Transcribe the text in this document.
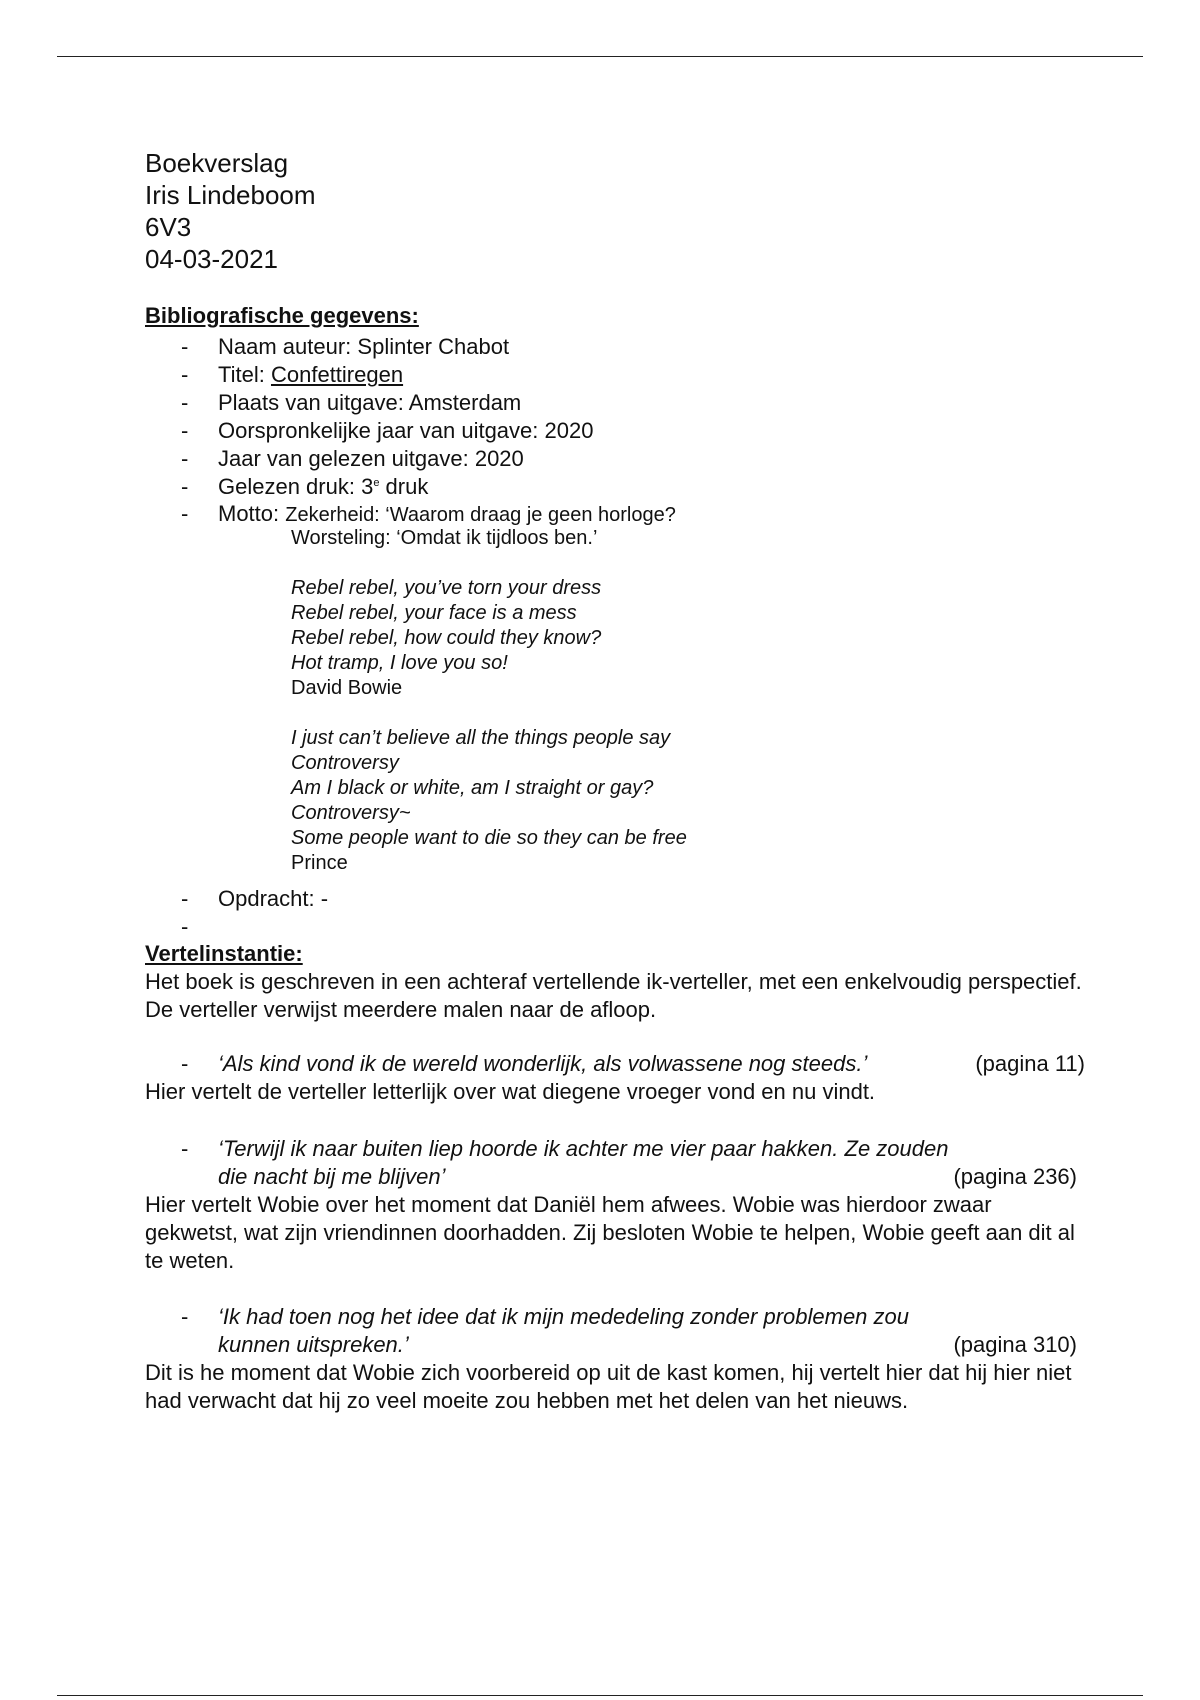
Boekverslag
Iris Lindeboom
6V3
04-03-2021
Bibliografische gegevens:
- Naam auteur: Splinter Chabot
- Titel: Confettiregen
- Plaats van uitgave: Amsterdam
- Oorspronkelijke jaar van uitgave: 2020
- Jaar van gelezen uitgave: 2020
- Gelezen druk: 3e druk
- Motto: Zekerheid: ‘Waarom draag je geen horloge?
Worsteling: ‘Omdat ik tijdloos ben.’
Rebel rebel, you’ve torn your dress
Rebel rebel, your face is a mess
Rebel rebel, how could they know?
Hot tramp, I love you so!
David Bowie
I just can’t believe all the things people say
Controversy
Am I black or white, am I straight or gay?
Controversy~
Some people want to die so they can be free
Prince
- Opdracht: -
-
Vertelinstantie:
Het boek is geschreven in een achteraf vertellende ik-verteller, met een enkelvoudig perspectief. De verteller verwijst meerdere malen naar de afloop.
-	‘Als kind vond ik de wereld wonderlijk, als volwassene nog steeds.’	(pagina 11)
Hier vertelt de verteller letterlijk over wat diegene vroeger vond en nu vindt.
-	‘Terwijl ik naar buiten liep hoorde ik achter me vier paar hakken. Ze zouden die nacht bij me blijven’	(pagina 236)
Hier vertelt Wobie over het moment dat Daniël hem afwees. Wobie was hierdoor zwaar gekwetst, wat zijn vriendinnen doorhadden. Zij besloten Wobie te helpen, Wobie geeft aan dit al te weten.
-	‘Ik had toen nog het idee dat ik mijn mededeling zonder problemen zou kunnen uitspreken.’	(pagina 310)
Dit is he moment dat Wobie zich voorbereid op uit de kast komen, hij vertelt hier dat hij hier niet had verwacht dat hij zo veel moeite zou hebben met het delen van het nieuws.
